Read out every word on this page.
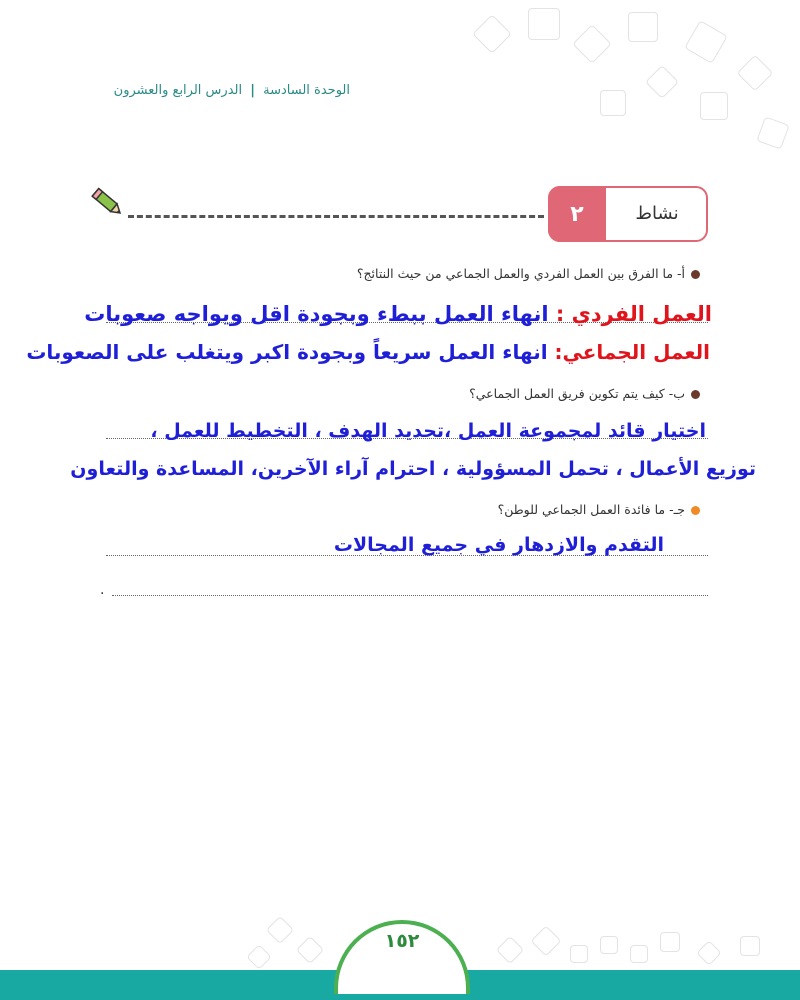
الوحدة السادسة | الدرس الرابع والعشرون
٢	نشاط
أ- ما الفرق بين العمل الفردي والعمل الجماعي من حيث النتائج؟
العمل الفردي : انهاء العمل ببطء وبجودة اقل ويواجه صعوبات
العمل الجماعي: انهاء العمل سريعاً وبجودة اكبر ويتغلب على الصعوبات
ب- كيف يتم تكوين فريق العمل الجماعي؟
اختيار قائد لمجموعة العمل ،تحديد الهدف ، التخطيط للعمل ،
توزيع الأعمال ، تحمل المسؤولية ، احترام آراء الآخرين، المساعدة والتعاون
جـ- ما فائدة العمل الجماعي للوطن؟
التقدم والازدهار في جميع المجالات
.
١٥٢
